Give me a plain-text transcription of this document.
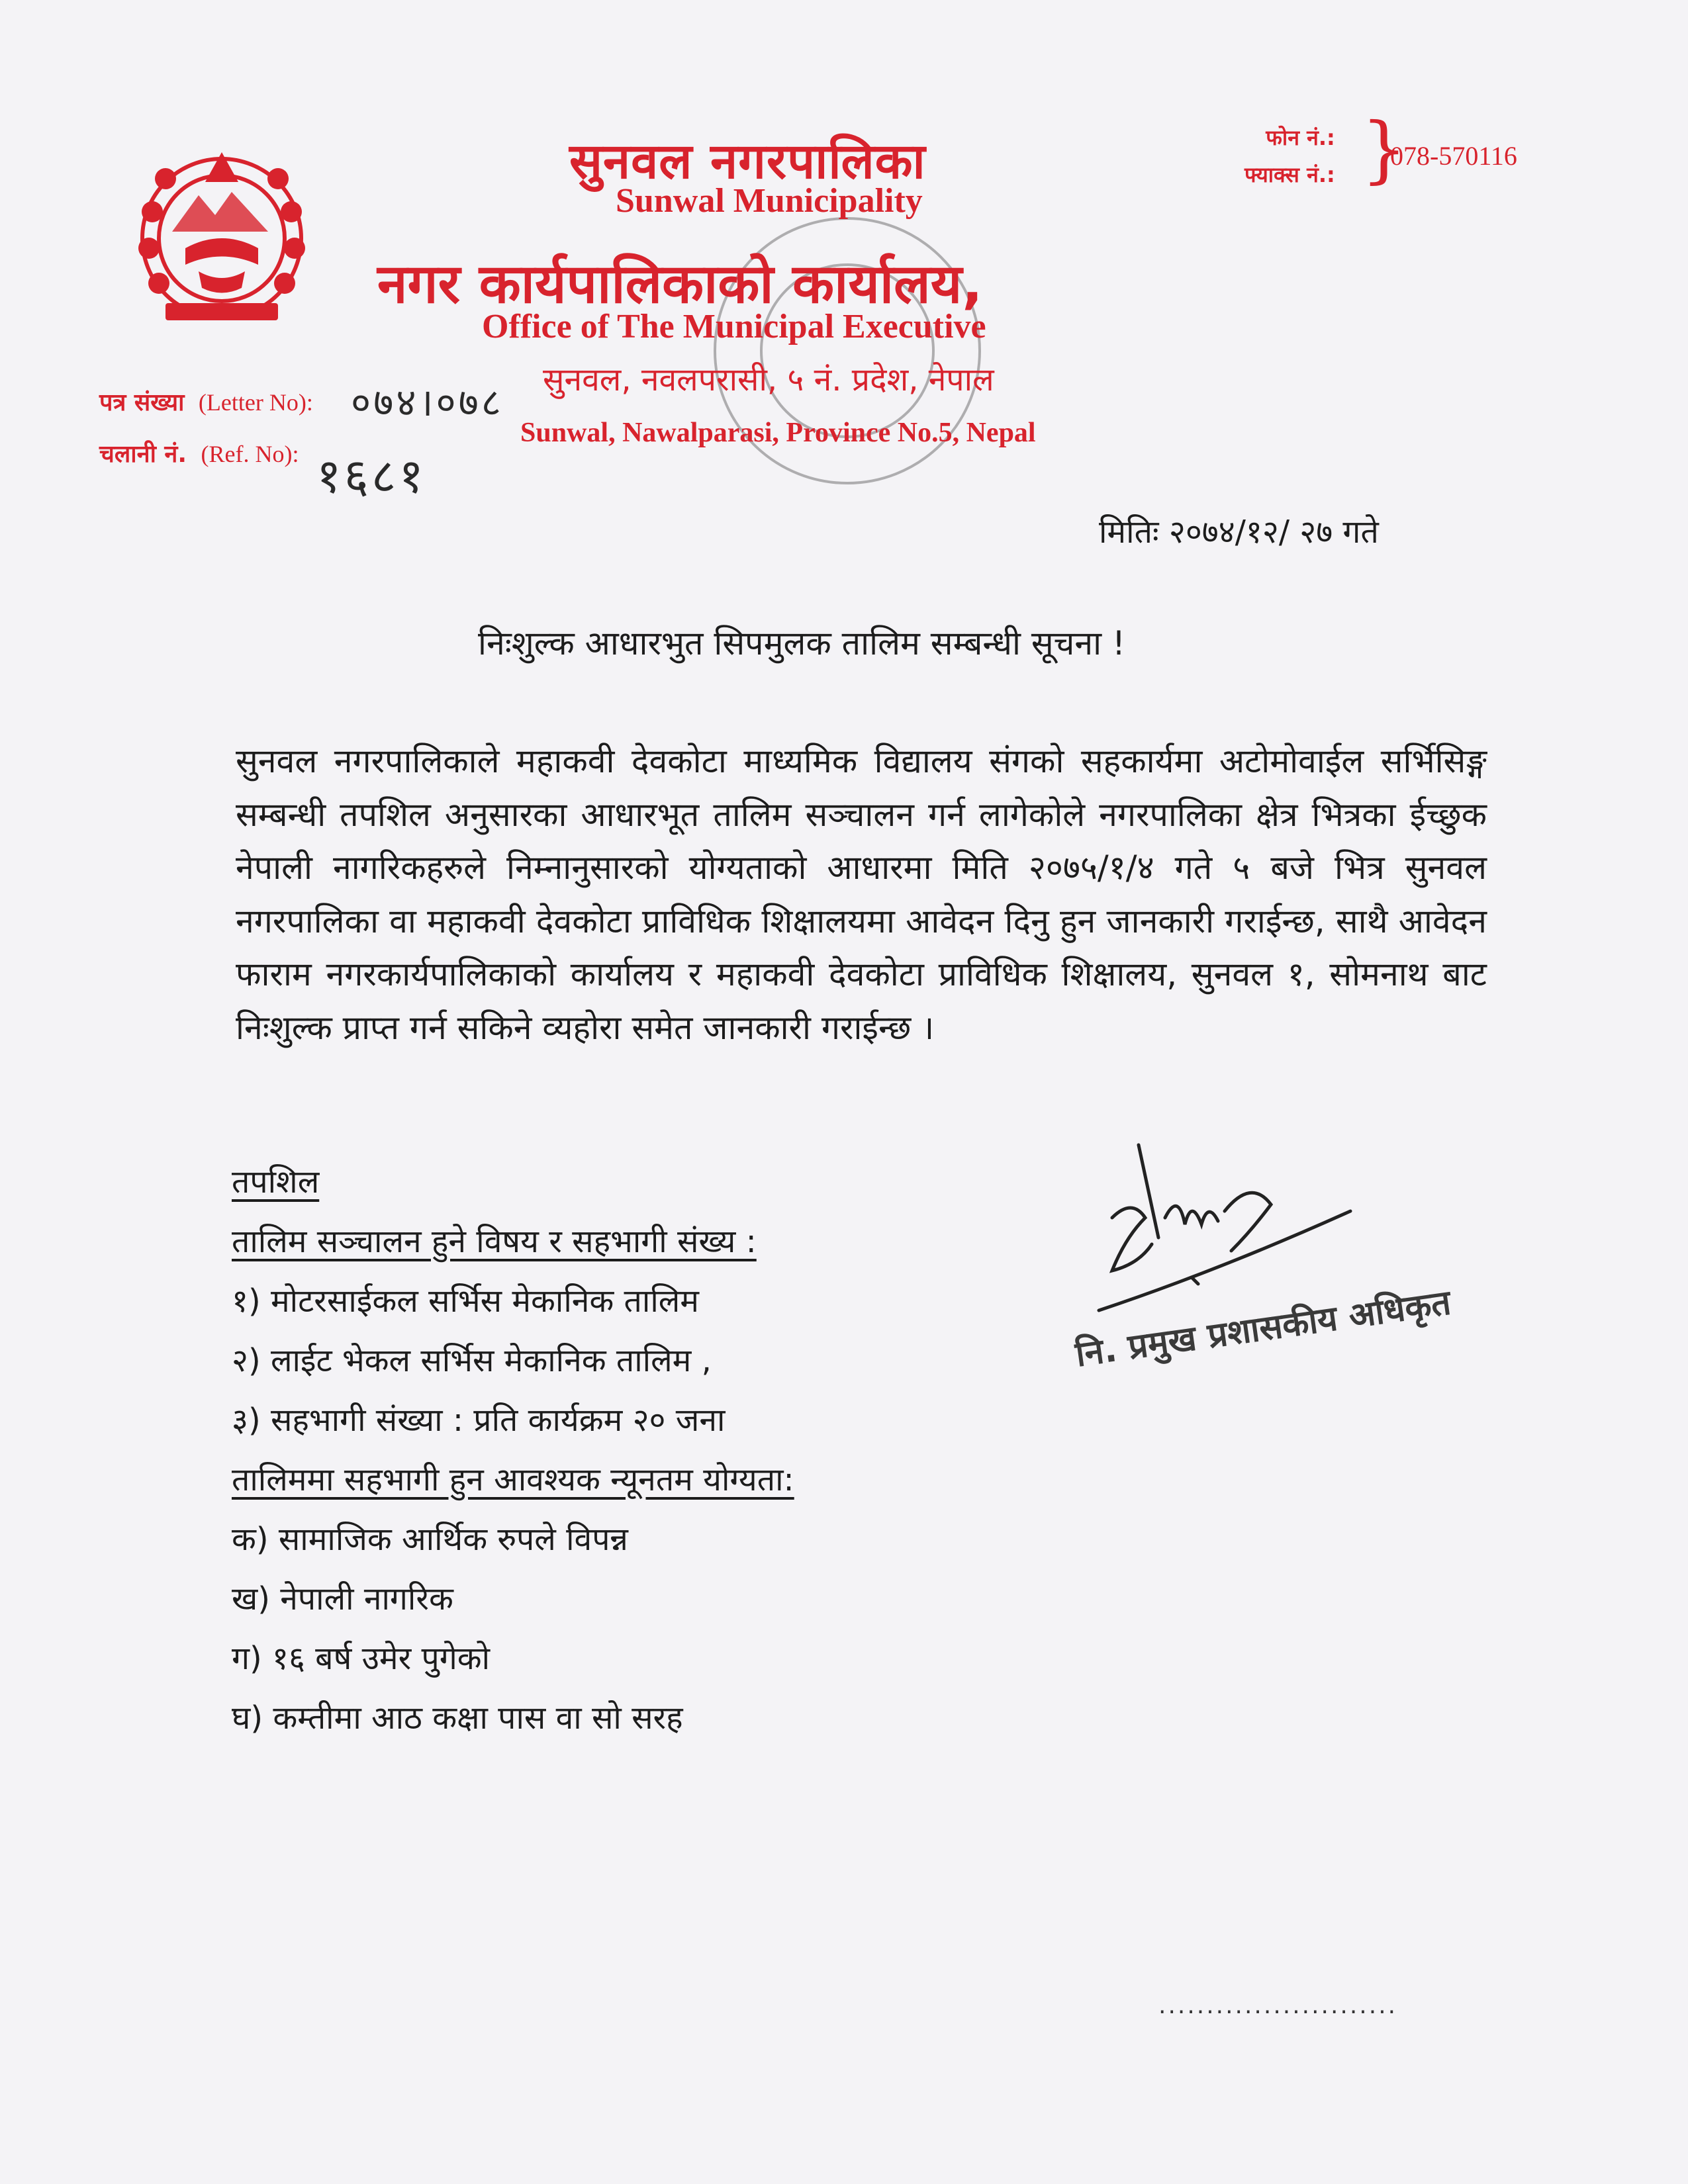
सुनवल नगरपालिका
Sunwal Municipality
नगर कार्यपालिकाको कार्यालय,
Office of The Municipal Executive
सुनवल, नवलपरासी, ५ नं. प्रदेश, नेपाल
Sunwal, Nawalparasi, Province No.5, Nepal
फोन नं.:
फ्याक्स नं.: }
078-570116
पत्र संख्या (Letter No): ०७४।०७८
चलानी नं. (Ref. No): १६८१
मितिः २०७४/१२/ २७ गते
निःशुल्क आधारभुत सिपमुलक तालिम सम्बन्धी सूचना !
सुनवल नगरपालिकाले महाकवी देवकोटा माध्यमिक विद्यालय संगको सहकार्यमा अटोमोवाईल सर्भिसिङ्ग सम्बन्धी तपशिल अनुसारका आधारभूत तालिम सञ्चालन गर्न लागेकोले नगरपालिका क्षेत्र भित्रका ईच्छुक नेपाली नागरिकहरुले निम्नानुसारको योग्यताको आधारमा मिति २०७५/१/४ गते ५ बजे भित्र सुनवल नगरपालिका वा महाकवी देवकोटा प्राविधिक शिक्षालयमा आवेदन दिनु हुन जानकारी गराईन्छ, साथै आवेदन फाराम नगरकार्यपालिकाको कार्यालय र महाकवी देवकोटा प्राविधिक शिक्षालय, सुनवल १, सोमनाथ बाट निःशुल्क प्राप्त गर्न सकिने व्यहोरा समेत जानकारी गराईन्छ ।
तपशिल
तालिम सञ्चालन हुने विषय र सहभागी संख्य :
१) मोटरसाईकल सर्भिस मेकानिक तालिम
२) लाईट भेकल सर्भिस मेकानिक तालिम ,
३) सहभागी संख्या : प्रति कार्यक्रम २० जना
तालिममा सहभागी हुन आवश्यक न्यूनतम योग्यता:
क) सामाजिक आर्थिक रुपले विपन्न
ख) नेपाली नागरिक
ग) १६ बर्ष उमेर पुगेको
घ) कम्तीमा आठ कक्षा पास वा सो सरह
नि. प्रमुख प्रशासकीय अधिकृत
.........................
